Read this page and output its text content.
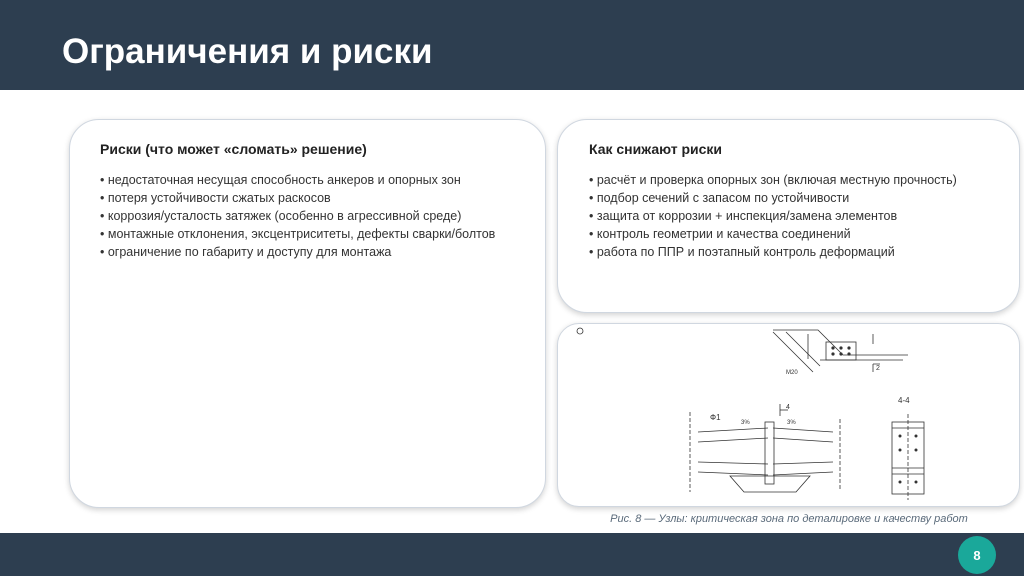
Ограничения и риски
Риски (что может «сломать» решение)
• недостаточная несущая способность анкеров и опорных зон
• потеря устойчивости сжатых раскосов
• коррозия/усталость затяжек (особенно в агрессивной среде)
• монтажные отклонения, эксцентриситеты, дефекты сварки/болтов
• ограничение по габариту и доступу для монтажа
Как снижают риски
• расчёт и проверка опорных зон (включая местную прочность)
• подбор сечений с запасом по устойчивости
• защита от коррозии + инспекция/замена элементов
• контроль геометрии и качества соединений
• работа по ППР и поэтапный контроль деформаций
M20
2
Ф1
4
3%	3%
4-4
Рис. 8 — Узлы: критическая зона по деталировке и качеству работ
8
